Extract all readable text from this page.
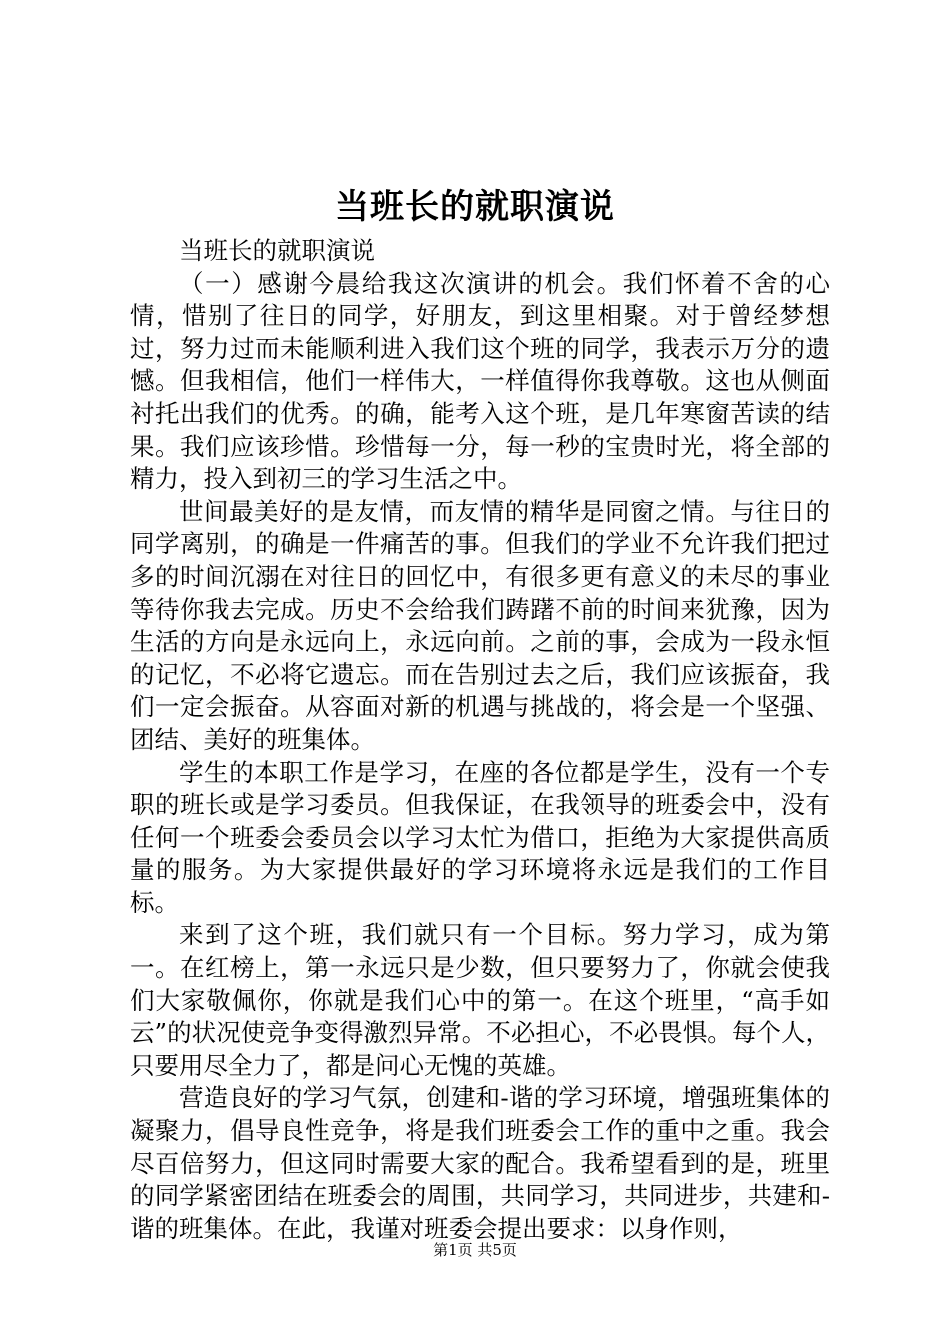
当班长的就职演说

当班长的就职演说

（一）感谢今晨给我这次演讲的机会。我们怀着不舍的心情，惜别了往日的同学，好朋友，到这里相聚。对于曾经梦想过，努力过而未能顺利进入我们这个班的同学，我表示万分的遗憾。但我相信，他们一样伟大，一样值得你我尊敬。这也从侧面衬托出我们的优秀。的确，能考入这个班，是几年寒窗苦读的结果。我们应该珍惜。珍惜每一分，每一秒的宝贵时光，将全部的精力，投入到初三的学习生活之中。

世间最美好的是友情，而友情的精华是同窗之情。与往日的同学离别，的确是一件痛苦的事。但我们的学业不允许我们把过多的时间沉溺在对往日的回忆中，有很多更有意义的未尽的事业等待你我去完成。历史不会给我们踌躇不前的时间来犹豫，因为生活的方向是永远向上，永远向前。之前的事，会成为一段永恒的记忆，不必将它遗忘。而在告别过去之后，我们应该振奋，我们一定会振奋。从容面对新的机遇与挑战的，将会是一个坚强、团结、美好的班集体。

学生的本职工作是学习，在座的各位都是学生，没有一个专职的班长或是学习委员。但我保证，在我领导的班委会中，没有任何一个班委会委员会以学习太忙为借口，拒绝为大家提供高质量的服务。为大家提供最好的学习环境将永远是我们的工作目标。

来到了这个班，我们就只有一个目标。努力学习，成为第一。在红榜上，第一永远只是少数，但只要努力了，你就会使我们大家敬佩你，你就是我们心中的第一。在这个班里，“高手如云”的状况使竞争变得激烈异常。不必担心，不必畏惧。每个人，只要用尽全力了，都是问心无愧的英雄。

营造良好的学习气氛，创建和-谐的学习环境，增强班集体的凝聚力，倡导良性竞争，将是我们班委会工作的重中之重。我会尽百倍努力，但这同时需要大家的配合。我希望看到的是，班里的同学紧密团结在班委会的周围，共同学习，共同进步，共建和-谐的班集体。在此，我谨对班委会提出要求：以身作则，

第1页 共5页
